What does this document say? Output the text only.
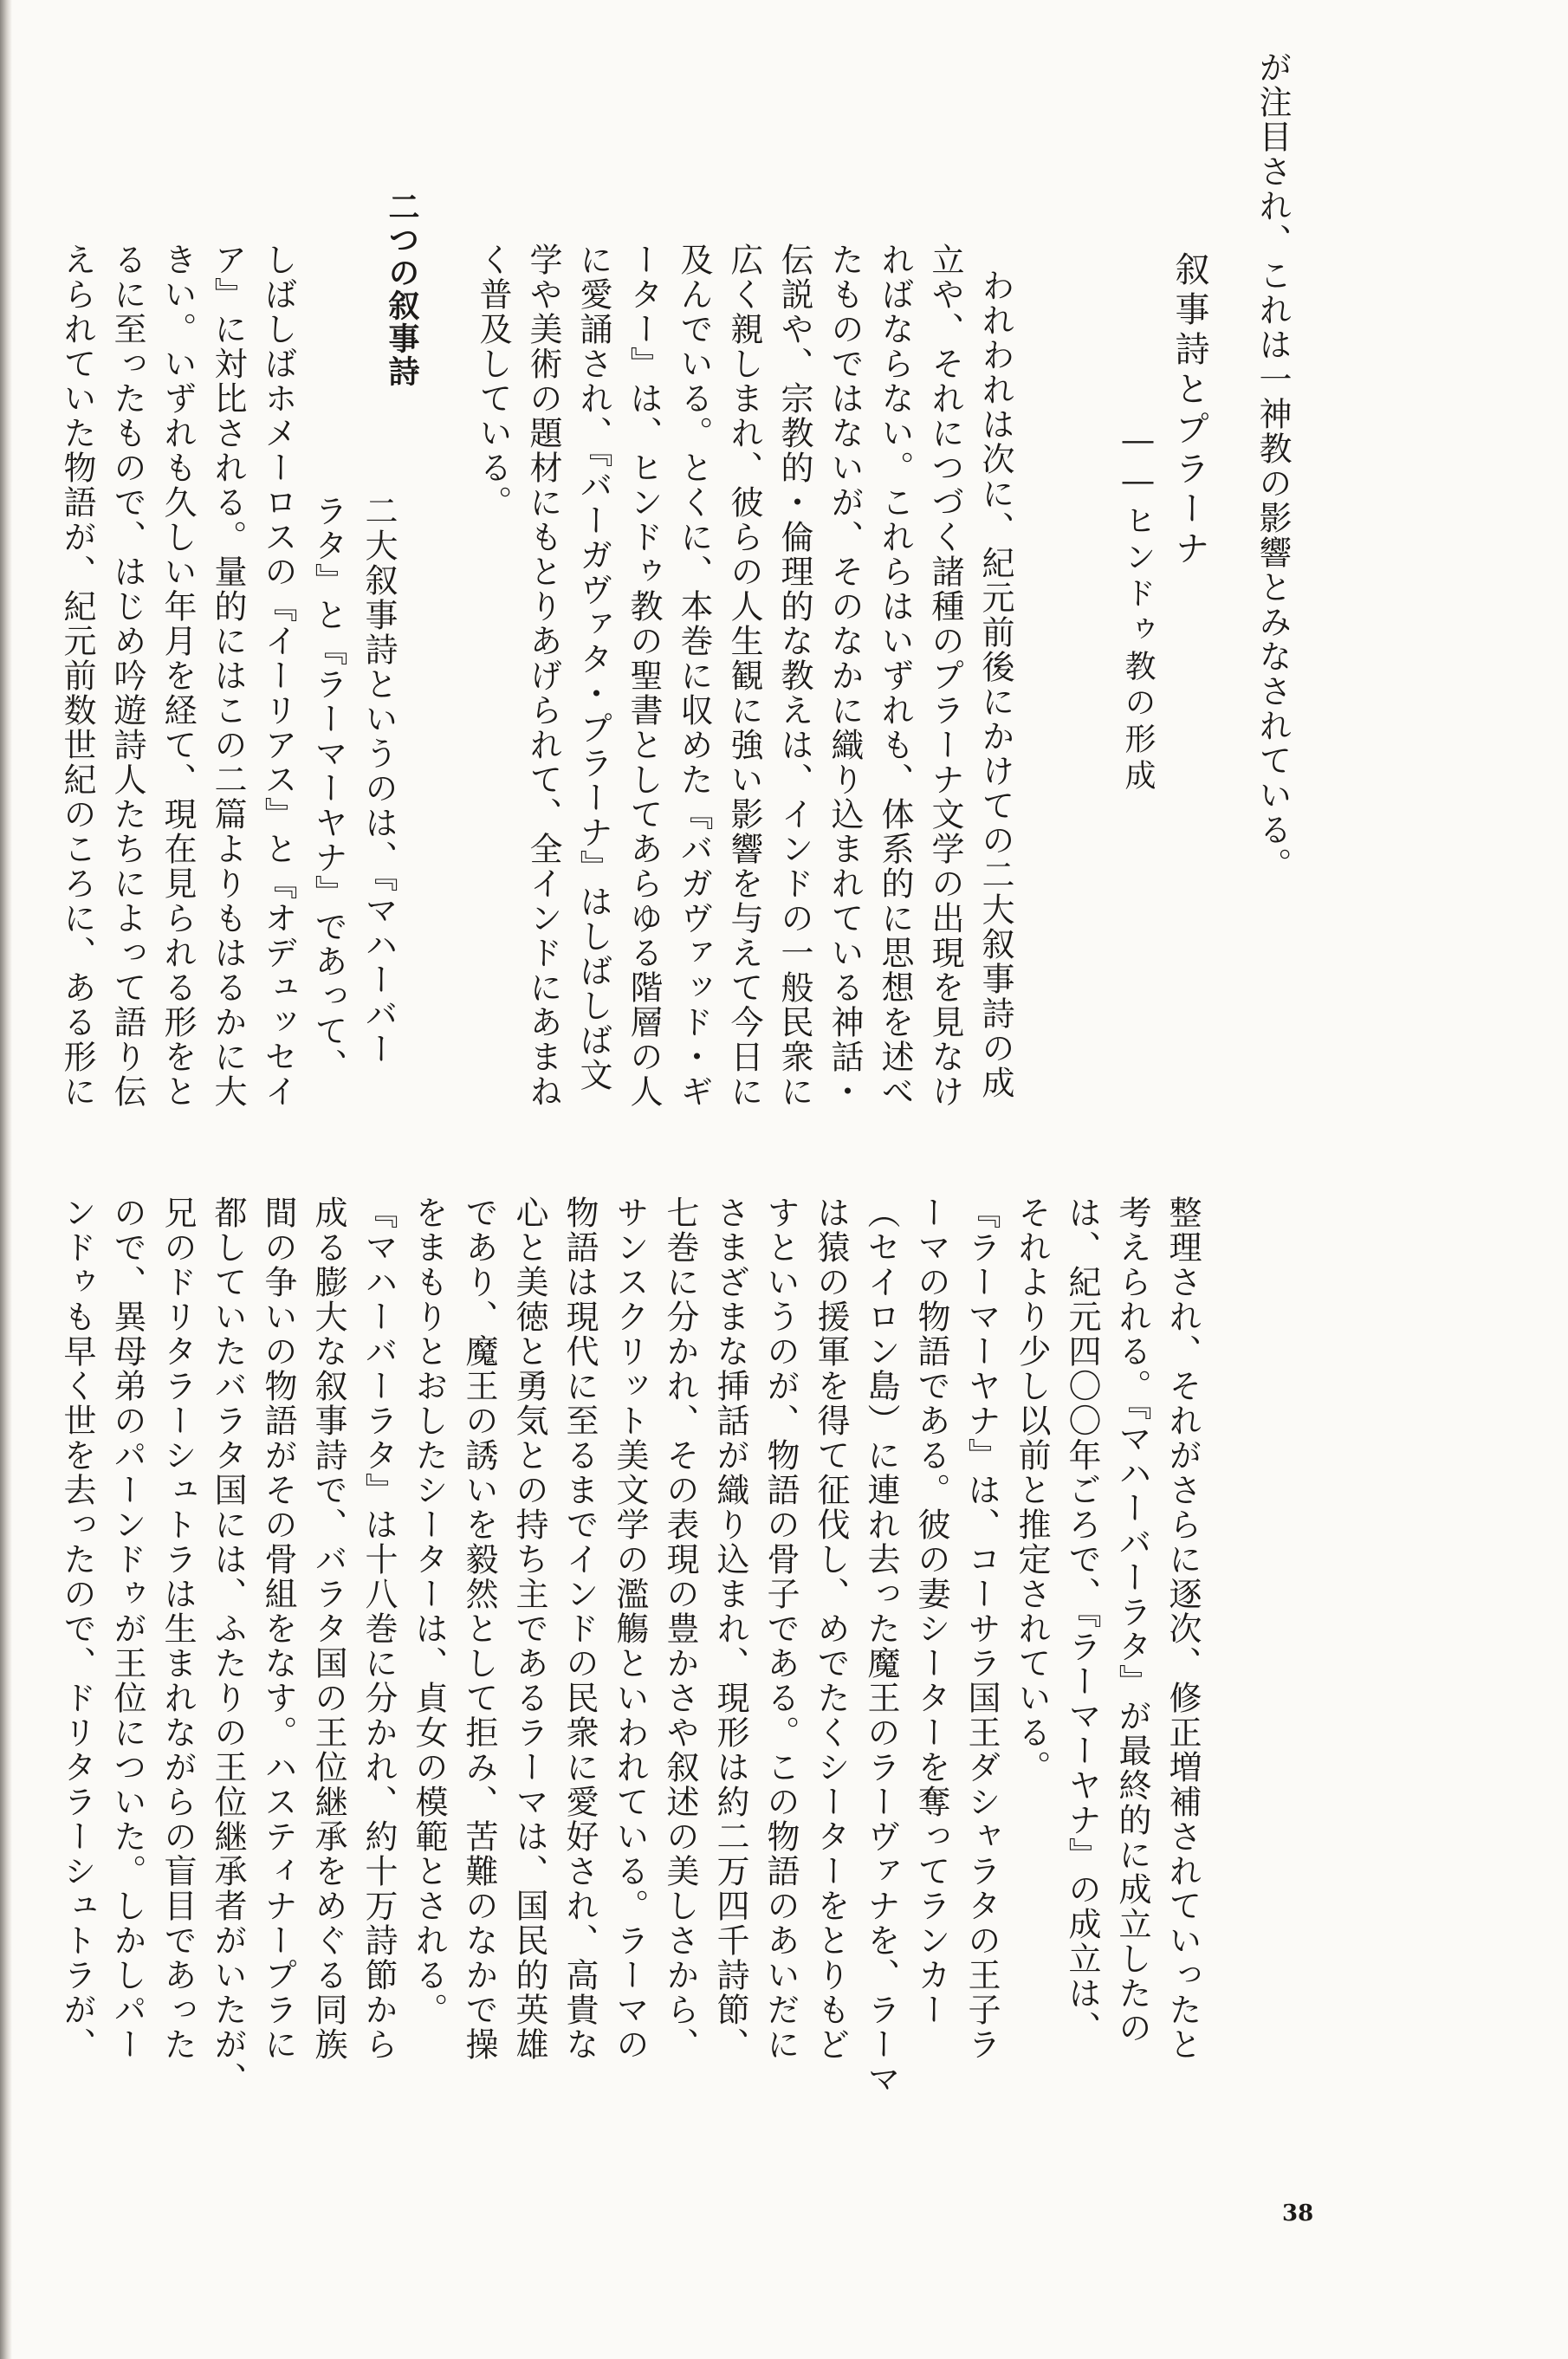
が注目され、これは一神教の影響とみなされている。

叙事詩とプラーナ
――ヒンドゥ教の形成

われわれは次に、紀元前後にかけての二大叙事詩の成

立や、それにつづく諸種のプラーナ文学の出現を見なけ

ればならない。これらはいずれも、体系的に思想を述べ

たものではないが、そのなかに織り込まれている神話・

伝説や、宗教的・倫理的な教えは、インドの一般民衆に

広く親しまれ、彼らの人生観に強い影響を与えて今日に

及んでいる。とくに、本巻に収めた『バガヴァッド・ギ

ーター』は、ヒンドゥ教の聖書としてあらゆる階層の人

に愛誦され、『バーガヴァタ・プラーナ』はしばしば文

学や美術の題材にもとりあげられて、全インドにあまね

く普及している。

二つの叙事詩

二大叙事詩というのは、『マハーバー

ラタ』と『ラーマーヤナ』であって、

しばしばホメーロスの『イーリアス』と『オデュッセイ

ア』に対比される。量的にはこの二篇よりもはるかに大

きい。いずれも久しい年月を経て、現在見られる形をと

るに至ったもので、はじめ吟遊詩人たちによって語り伝

えられていた物語が、紀元前数世紀のころに、ある形に

整理され、それがさらに逐次、修正増補されていったと

考えられる。『マハーバーラタ』が最終的に成立したの

は、紀元四〇〇年ごろで、『ラーマーヤナ』の成立は、

それより少し以前と推定されている。

『ラーマーヤナ』は、コーサラ国王ダシャラタの王子ラ

ーマの物語である。彼の妻シーターを奪ってランカー

（セイロン島）に連れ去った魔王のラーヴァナを、ラーマ

は猿の援軍を得て征伐し、めでたくシーターをとりもど

すというのが、物語の骨子である。この物語のあいだに

さまざまな挿話が織り込まれ、現形は約二万四千詩節、

七巻に分かれ、その表現の豊かさや叙述の美しさから、

サンスクリット美文学の濫觴といわれている。ラーマの

物語は現代に至るまでインドの民衆に愛好され、高貴な

心と美徳と勇気との持ち主であるラーマは、国民的英雄

であり、魔王の誘いを毅然として拒み、苦難のなかで操

をまもりとおしたシーターは、貞女の模範とされる。

『マハーバーラタ』は十八巻に分かれ、約十万詩節から

成る膨大な叙事詩で、バラタ国の王位継承をめぐる同族

間の争いの物語がその骨組をなす。ハスティナープラに

都していたバラタ国には、ふたりの王位継承者がいたが、

兄のドリタラーシュトラは生まれながらの盲目であった

ので、異母弟のパーンドゥが王位についた。しかしパー

ンドゥも早く世を去ったので、ドリタラーシュトラが、

38
